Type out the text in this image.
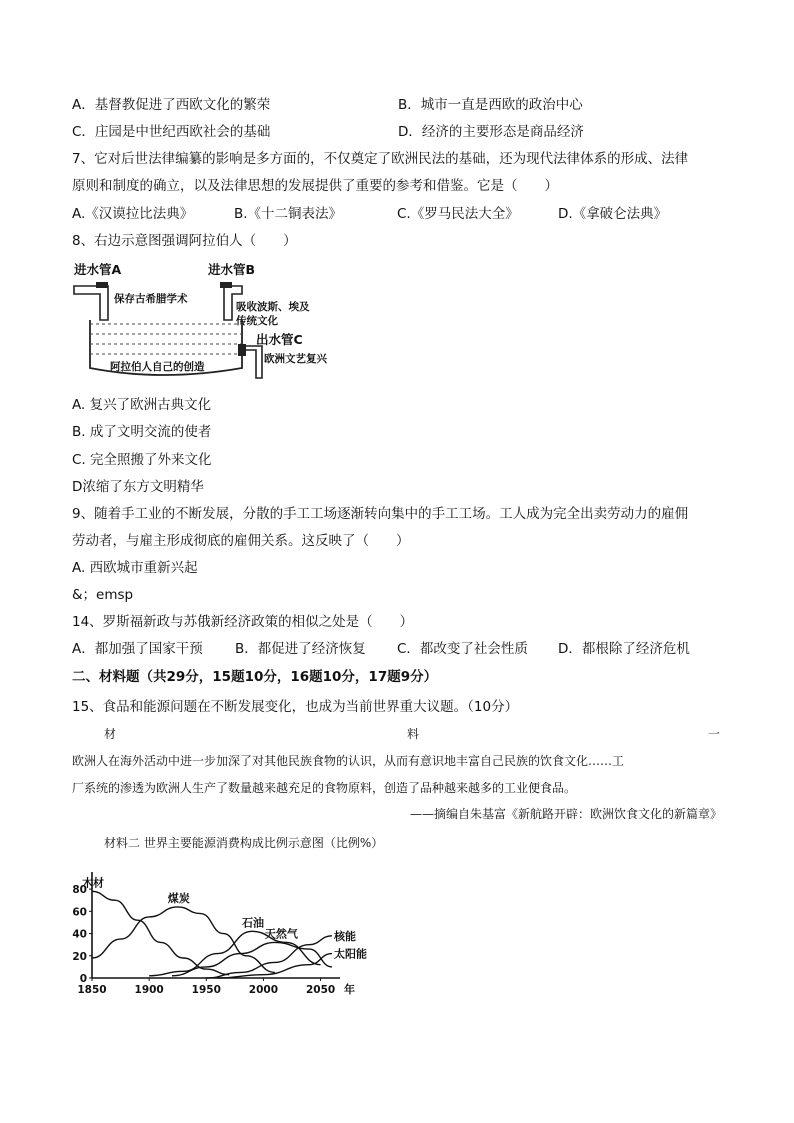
A．基督教促进了西欧文化的繁荣	B．城市一直是西欧的政治中心
C．庄园是中世纪西欧社会的基础	D．经济的主要形态是商品经济
7、它对后世法律编纂的影响是多方面的，不仅奠定了欧洲民法的基础，还为现代法律体系的形成、法律
原则和制度的确立，以及法律思想的发展提供了重要的参考和借鉴。它是（　　）
A.《汉谟拉比法典》	B.《十二铜表法》	C.《罗马民法大全》	D.《拿破仑法典》
8、右边示意图强调阿拉伯人（　　）
进水管A
保存古希腊学术
进水管B
吸收波斯、埃及
传统文化
阿拉伯人自己的创造
出水管C
欧洲文艺复兴
A. 复兴了欧洲古典文化
B. 成了文明交流的使者
C. 完全照搬了外来文化
D浓缩了东方文明精华
9、随着手工业的不断发展，分散的手工工场逐渐转向集中的手工工场。工人成为完全出卖劳动力的雇佣
劳动者，与雇主形成彻底的雇佣关系。这反映了（　　）
A. 西欧城市重新兴起
&；emsp
14、罗斯福新政与苏俄新经济政策的相似之处是（　　）
A．都加强了国家干预 B．都促进了经济恢复 C．都改变了社会性质 D．都根除了经济危机
二、材料题（共29分，15题10分，16题10分，17题9分）
15、食品和能源问题在不断发展变化，也成为当前世界重大议题。（10分）
材	料	一
欧洲人在海外活动中进一步加深了对其他民族食物的认识，从而有意识地丰富自己民族的饮食文化……工
厂系统的渗透为欧洲人生产了数量越来越充足的食物原料，创造了品种越来越多的工业便食品。
——摘编自朱基富《新航路开辟：欧洲饮食文化的新篇章》
材料二 世界主要能源消费构成比例示意图（比例%）
0
20
40
60
80
1850	1900	1950	2000	2050 年
木材
煤炭
石油
天然气	核能
太阳能
